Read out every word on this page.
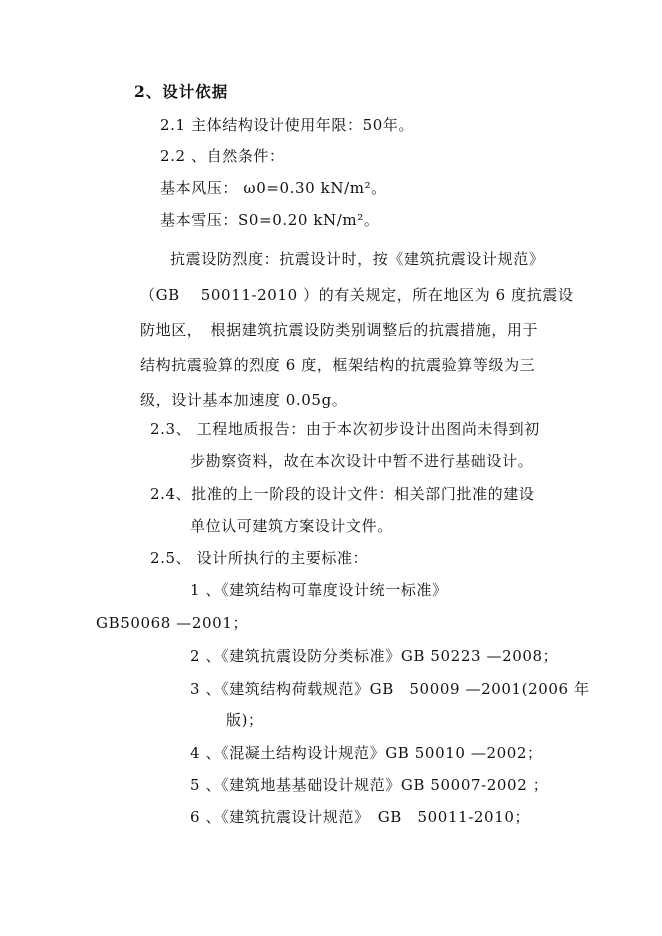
2、设计依据
2.1 主体结构设计使用年限：50年。
2.2 、自然条件：
基本风压： ω0=0.30 kN/m²。
基本雪压：S0=0.20 kN/m²。
抗震设防烈度：抗震设计时，按《建筑抗震设计规范》
（GB　 50011-2010 ）的有关规定，所在地区为 6 度抗震设
防地区，　根据建筑抗震设防类别调整后的抗震措施，用于
结构抗震验算的烈度 6 度，框架结构的抗震验算等级为三
级，设计基本加速度 0.05g。
2.3、 工程地质报告：由于本次初步设计出图尚未得到初
步勘察资料，故在本次设计中暂不进行基础设计。
2.4、批准的上一阶段的设计文件：相关部门批准的建设
单位认可建筑方案设计文件。
2.5、 设计所执行的主要标准：
1 、《建筑结构可靠度设计统一标准》
GB50068 —2001；
2 、《建筑抗震设防分类标准》GB 50223 —2008；
3 、《建筑结构荷载规范》GB　50009 —2001(2006 年
版)；
4 、《混凝土结构设计规范》GB 50010 —2002；
5 、《建筑地基基础设计规范》GB 50007-2002 ；
6 、《建筑抗震设计规范》　GB　50011-2010；
